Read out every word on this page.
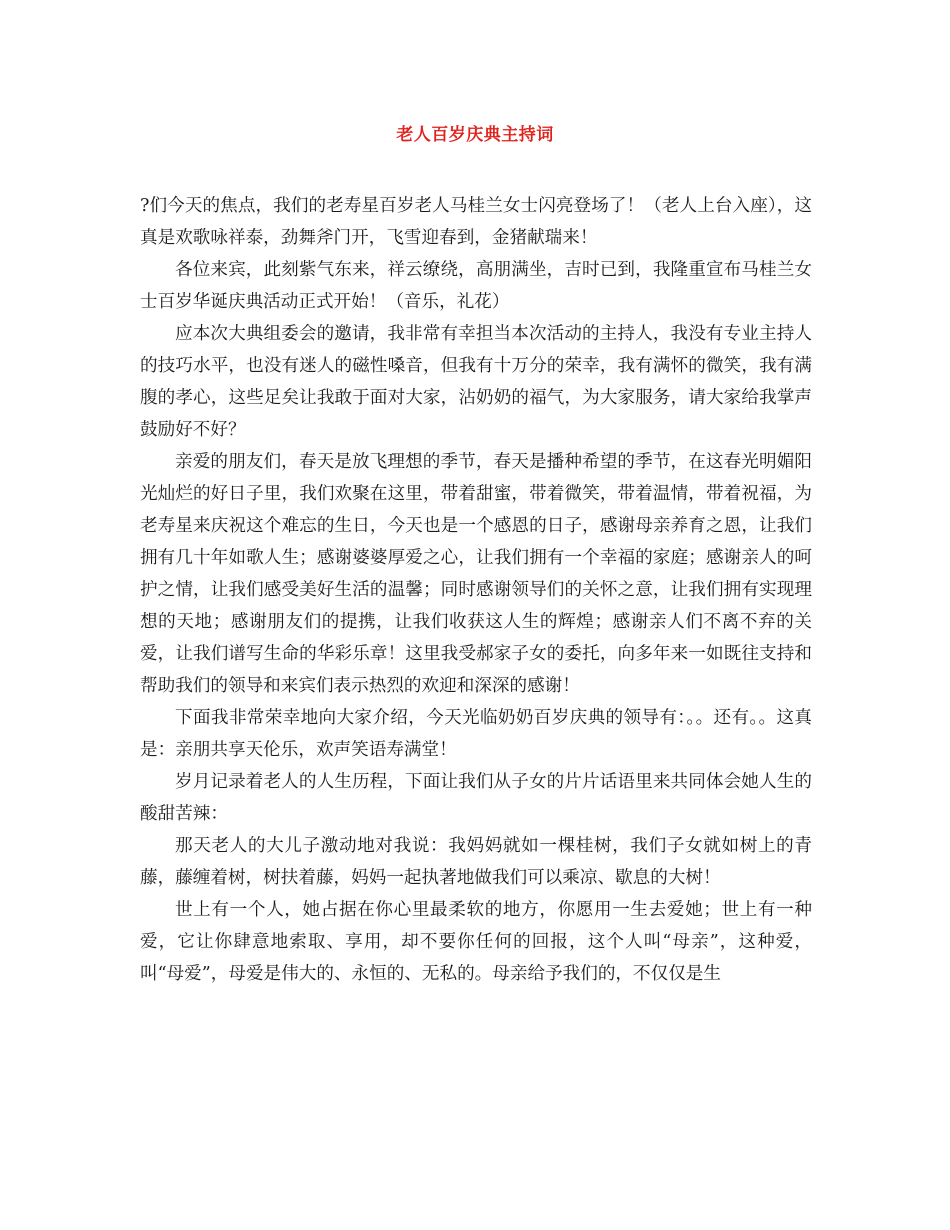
老人百岁庆典主持词

?们今天的焦点，我们的老寿星百岁老人马桂兰女士闪亮登场了！（老人上台入座），这真是欢歌咏祥泰，劲舞斧门开，飞雪迎春到，金猪献瑞来！

各位来宾，此刻紫气东来，祥云缭绕，高朋满坐，吉时已到，我隆重宣布马桂兰女士百岁华诞庆典活动正式开始！（音乐，礼花）

应本次大典组委会的邀请，我非常有幸担当本次活动的主持人，我没有专业主持人的技巧水平，也没有迷人的磁性嗓音，但我有十万分的荣幸，我有满怀的微笑，我有满腹的孝心，这些足矣让我敢于面对大家，沾奶奶的福气，为大家服务，请大家给我掌声鼓励好不好？

亲爱的朋友们，春天是放飞理想的季节，春天是播种希望的季节，在这春光明媚阳光灿烂的好日子里，我们欢聚在这里，带着甜蜜，带着微笑，带着温情，带着祝福，为老寿星来庆祝这个难忘的生日，今天也是一个感恩的日子，感谢母亲养育之恩，让我们拥有几十年如歌人生；感谢婆婆厚爱之心，让我们拥有一个幸福的家庭；感谢亲人的呵护之情，让我们感受美好生活的温馨；同时感谢领导们的关怀之意，让我们拥有实现理想的天地；感谢朋友们的提携，让我们收获这人生的辉煌；感谢亲人们不离不弃的关爱，让我们谱写生命的华彩乐章！这里我受郝家子女的委托，向多年来一如既往支持和帮助我们的领导和来宾们表示热烈的欢迎和深深的感谢！

下面我非常荣幸地向大家介绍，今天光临奶奶百岁庆典的领导有：。。还有。。这真是：亲朋共享天伦乐，欢声笑语寿满堂！

岁月记录着老人的人生历程，下面让我们从子女的片片话语里来共同体会她人生的酸甜苦辣：

那天老人的大儿子激动地对我说：我妈妈就如一棵桂树，我们子女就如树上的青藤，藤缠着树，树扶着藤，妈妈一起执著地做我们可以乘凉、歇息的大树！

世上有一个人，她占据在你心里最柔软的地方，你愿用一生去爱她；世上有一种爱，它让你肆意地索取、享用，却不要你任何的回报，这个人叫“母亲”，这种爱，叫“母爱”，母爱是伟大的、永恒的、无私的。母亲给予我们的，不仅仅是生
